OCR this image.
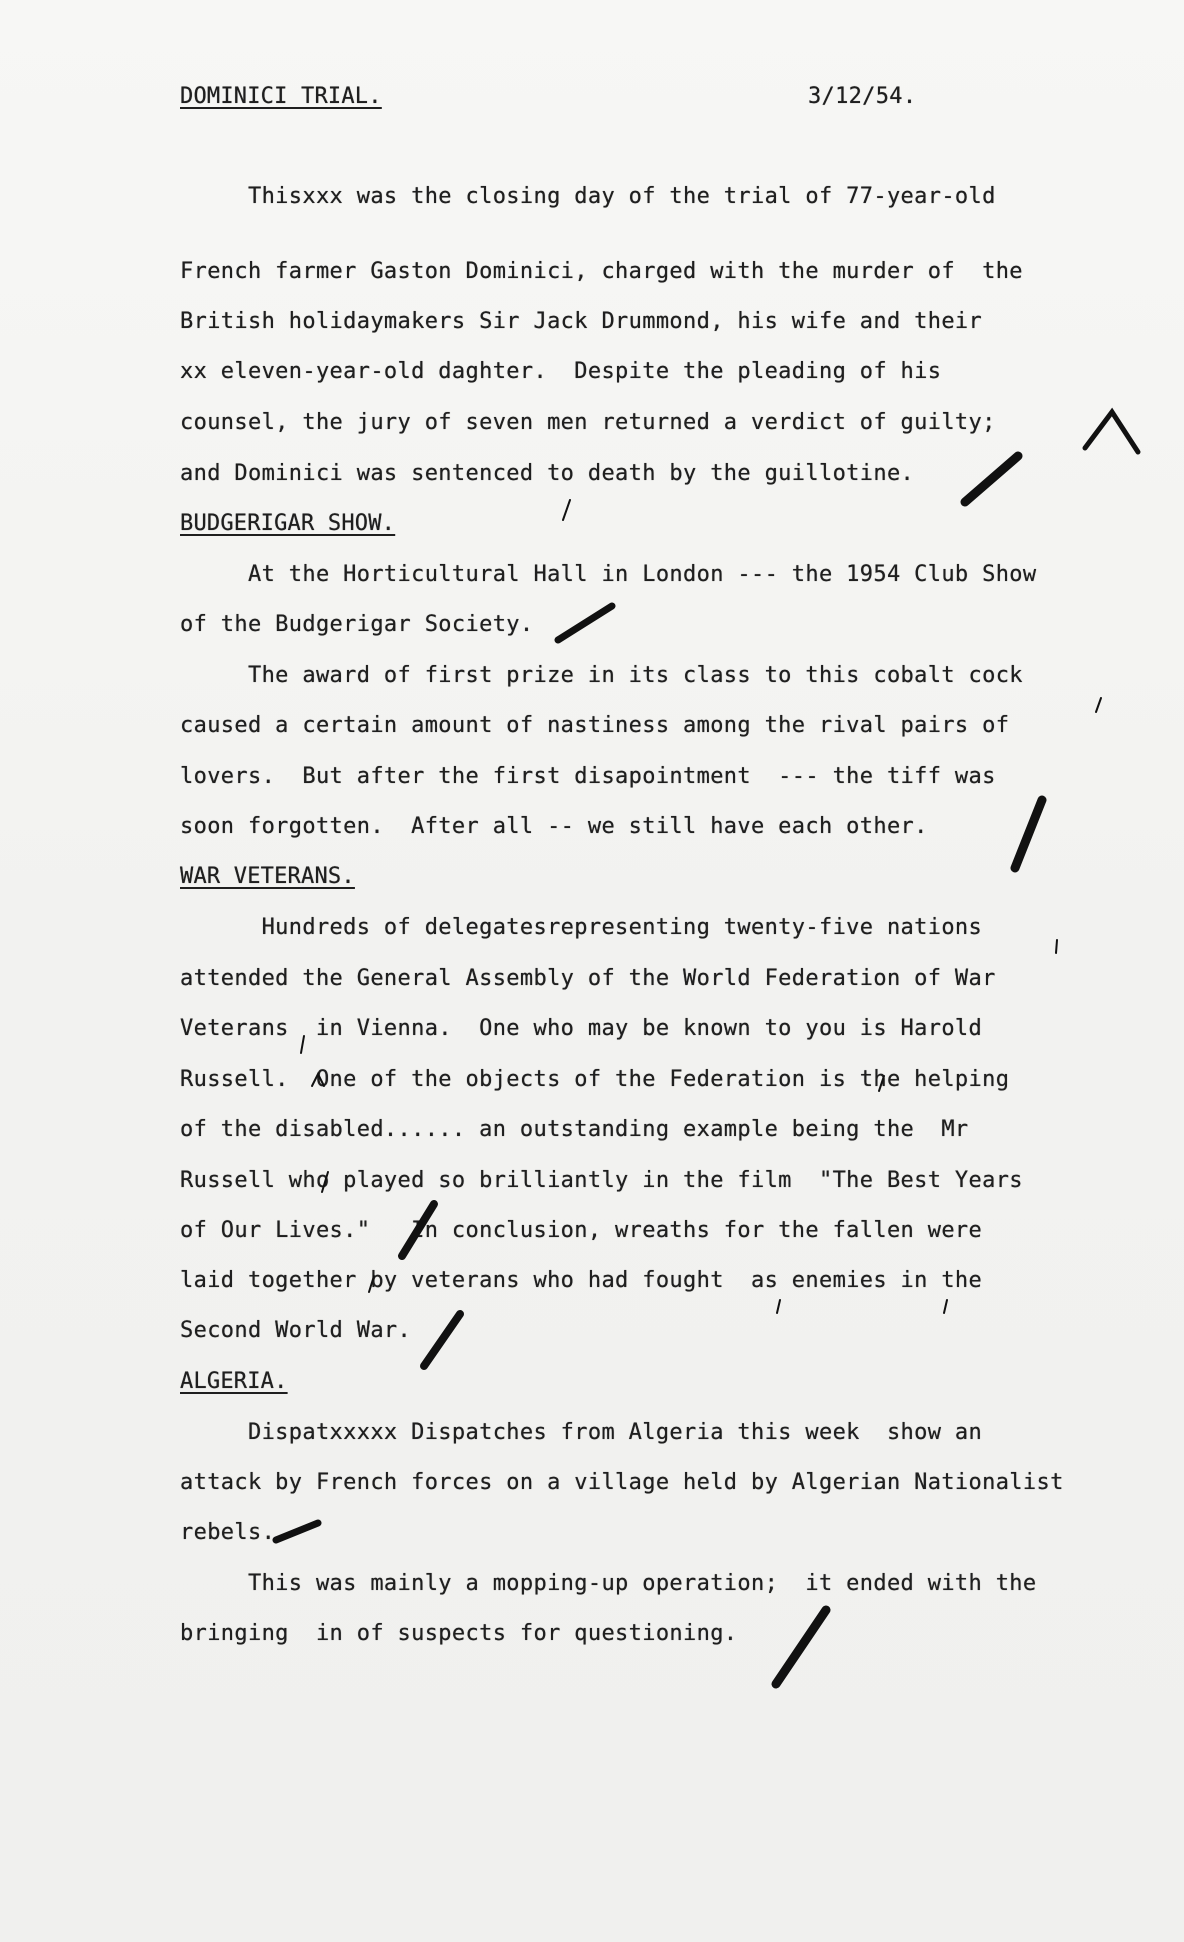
DOMINICI TRIAL.	3/12/54.
Thisxxx was the closing day of the trial of 77-year-old
French farmer Gaston Dominici, charged with the murder of  the
British holidaymakers Sir Jack Drummond, his wife and their
xx eleven-year-old daghter.  Despite the pleading of his
counsel, the jury of seven men returned a verdict of guilty;
and Dominici was sentenced to death by the guillotine.
BUDGERIGAR SHOW.
At the Horticultural Hall in London --- the 1954 Club Show
of the Budgerigar Society.
The award of first prize in its class to this cobalt cock
caused a certain amount of nastiness among the rival pairs of
lovers.  But after the first disapointment  --- the tiff was
soon forgotten.  After all -- we still have each other.
WAR VETERANS.
Hundreds of delegatesrepresenting twenty-five nations
attended the General Assembly of the World Federation of War
Veterans  in Vienna.  One who may be known to you is Harold
Russell.  One of the objects of the Federation is the helping
of the disabled...... an outstanding example being the  Mr
Russell who played so brilliantly in the film  "The Best Years
of Our Lives."   In conclusion, wreaths for the fallen were
laid together by veterans who had fought  as enemies in the
Second World War.
ALGERIA.
Dispatxxxxx Dispatches from Algeria this week  show an
attack by French forces on a village held by Algerian Nationalist
rebels.
This was mainly a mopping-up operation;  it ended with the
bringing  in of suspects for questioning.
